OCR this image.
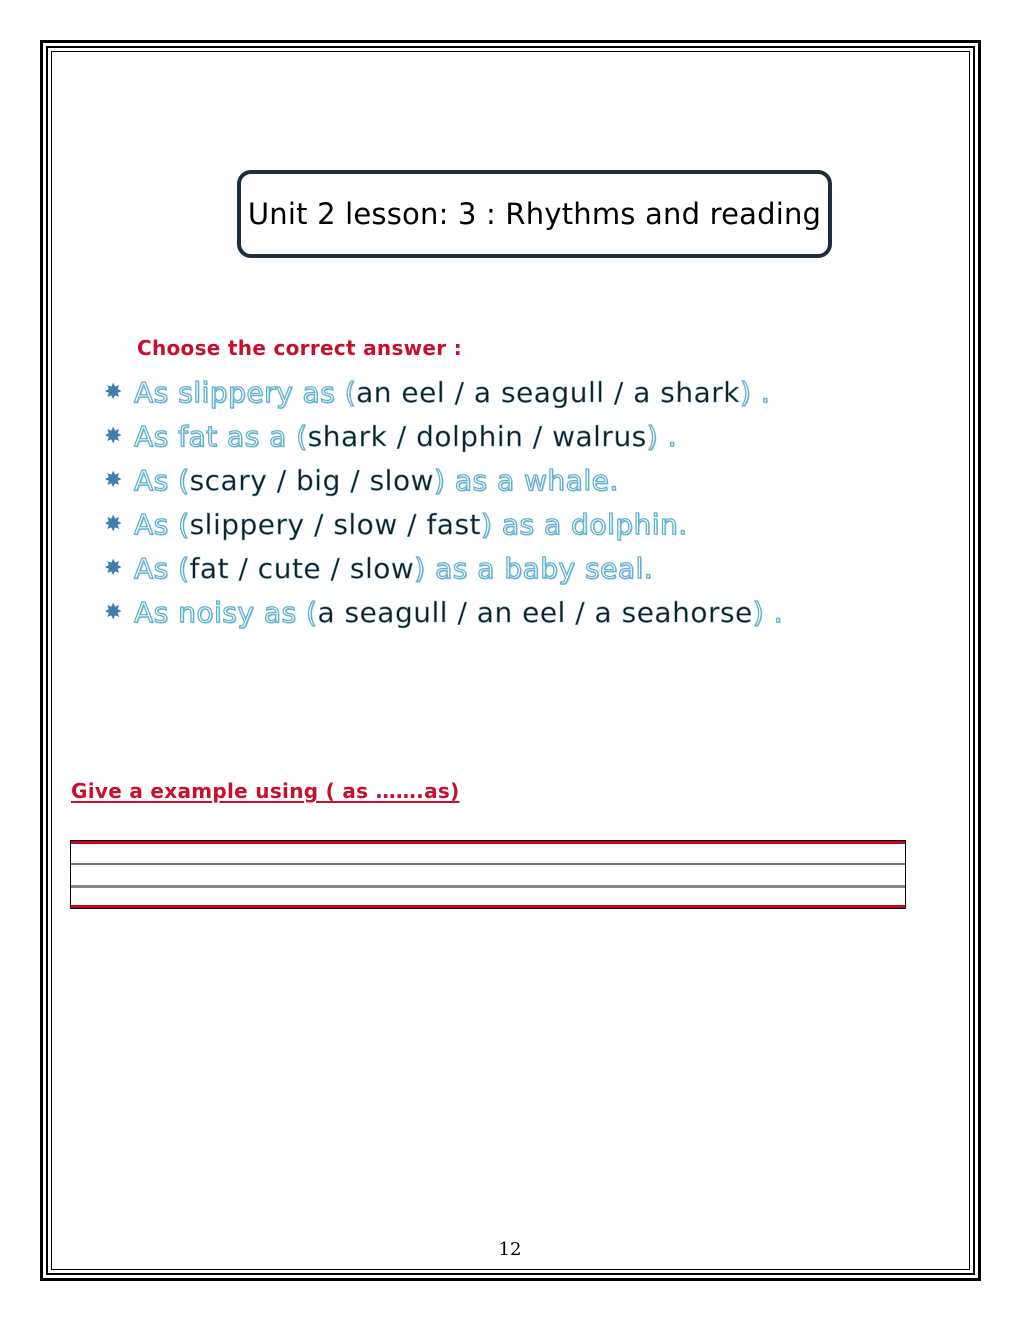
Unit 2 lesson: 3 : Rhythms and reading
Choose the correct answer :
✸ As slippery as ( an eel / a seagull / a shark ) .
✸ As fat as a ( shark / dolphin / walrus ) .
✸ As ( scary / big / slow ) as a whale.
✸ As ( slippery / slow / fast ) as a dolphin.
✸ As ( fat / cute / slow ) as a baby seal.
✸ As noisy as ( a seagull / an eel / a seahorse ) .
Give a example using ( as …….as)
12
